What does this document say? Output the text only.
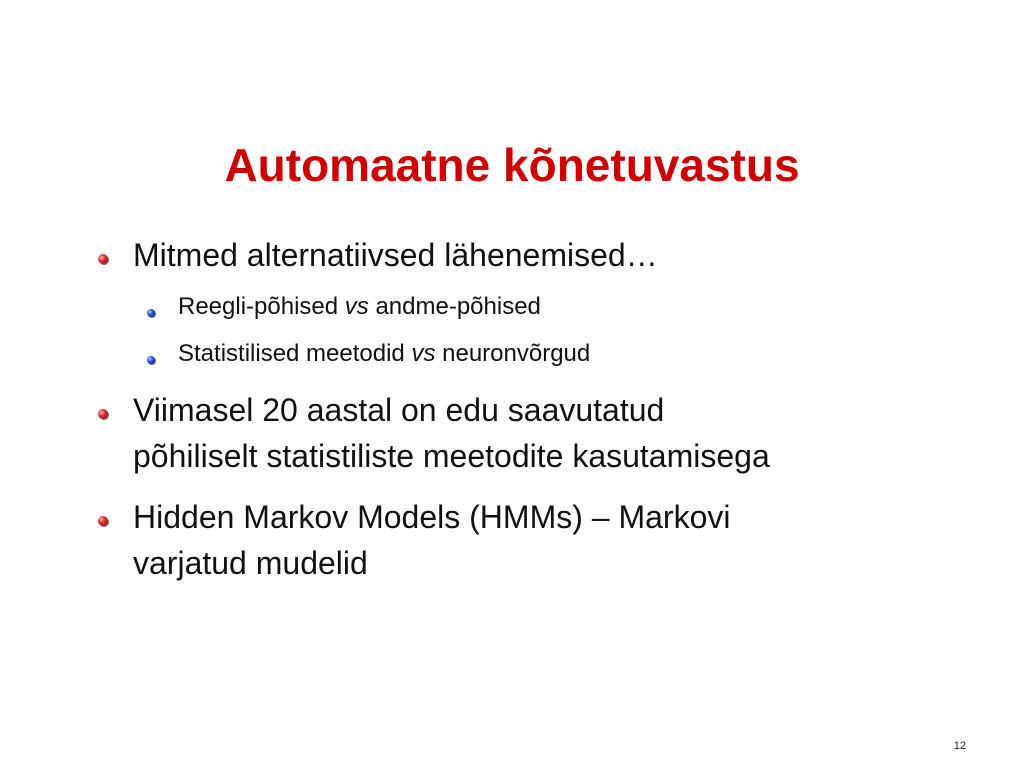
Automaatne kõnetuvastus
Mitmed alternatiivsed lähenemised…
Reegli-põhised vs andme-põhised
Statistilised meetodid vs neuronvõrgud
Viimasel 20 aastal on edu saavutatud
põhiliselt statistiliste meetodite kasutamisega
Hidden Markov Models (HMMs) – Markovi
varjatud mudelid
12
